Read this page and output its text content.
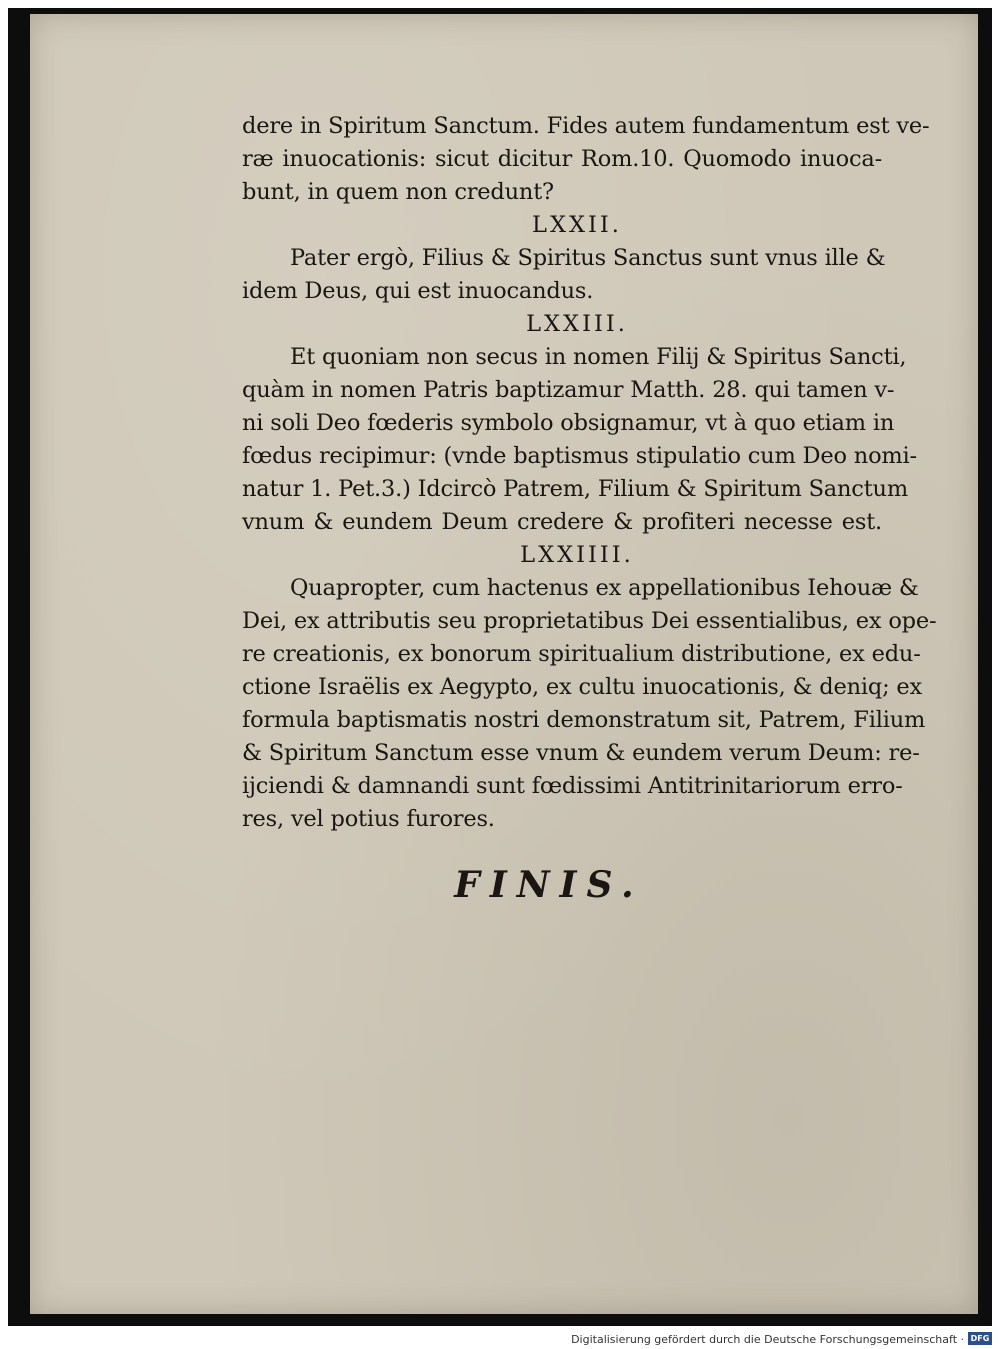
dere in Spiritum Sanctum. Fides autem fundamentum est ve-
ræ inuocationis: sicut dicitur Rom.10. Quomodo inuoca-
bunt, in quem non credunt?
LXXII.
Pater ergò, Filius & Spiritus Sanctus sunt vnus ille &
idem Deus, qui est inuocandus.
LXXIII.
Et quoniam non secus in nomen Filij & Spiritus Sancti,
quàm in nomen Patris baptizamur Matth. 28. qui tamen v-
ni soli Deo fœderis symbolo obsignamur, vt à quo etiam in
fœdus recipimur: (vnde baptismus stipulatio cum Deo nomi-
natur 1. Pet.3.) Idcircò Patrem, Filium & Spiritum Sanctum
vnum & eundem Deum credere & profiteri necesse est.
LXXIIII.
Quapropter, cum hactenus ex appellationibus Iehouæ &
Dei, ex attributis seu proprietatibus Dei essentialibus, ex ope-
re creationis, ex bonorum spiritualium distributione, ex edu-
ctione Israëlis ex Aegypto, ex cultu inuocationis, & deniq; ex
formula baptismatis nostri demonstratum sit, Patrem, Filium
& Spiritum Sanctum esse vnum & eundem verum Deum: re-
ijciendi & damnandi sunt fœdissimi Antitrinitariorum erro-
res, vel potius furores.
FINIS.
Digitalisierung gefördert durch die Deutsche Forschungsgemeinschaft · DFG
